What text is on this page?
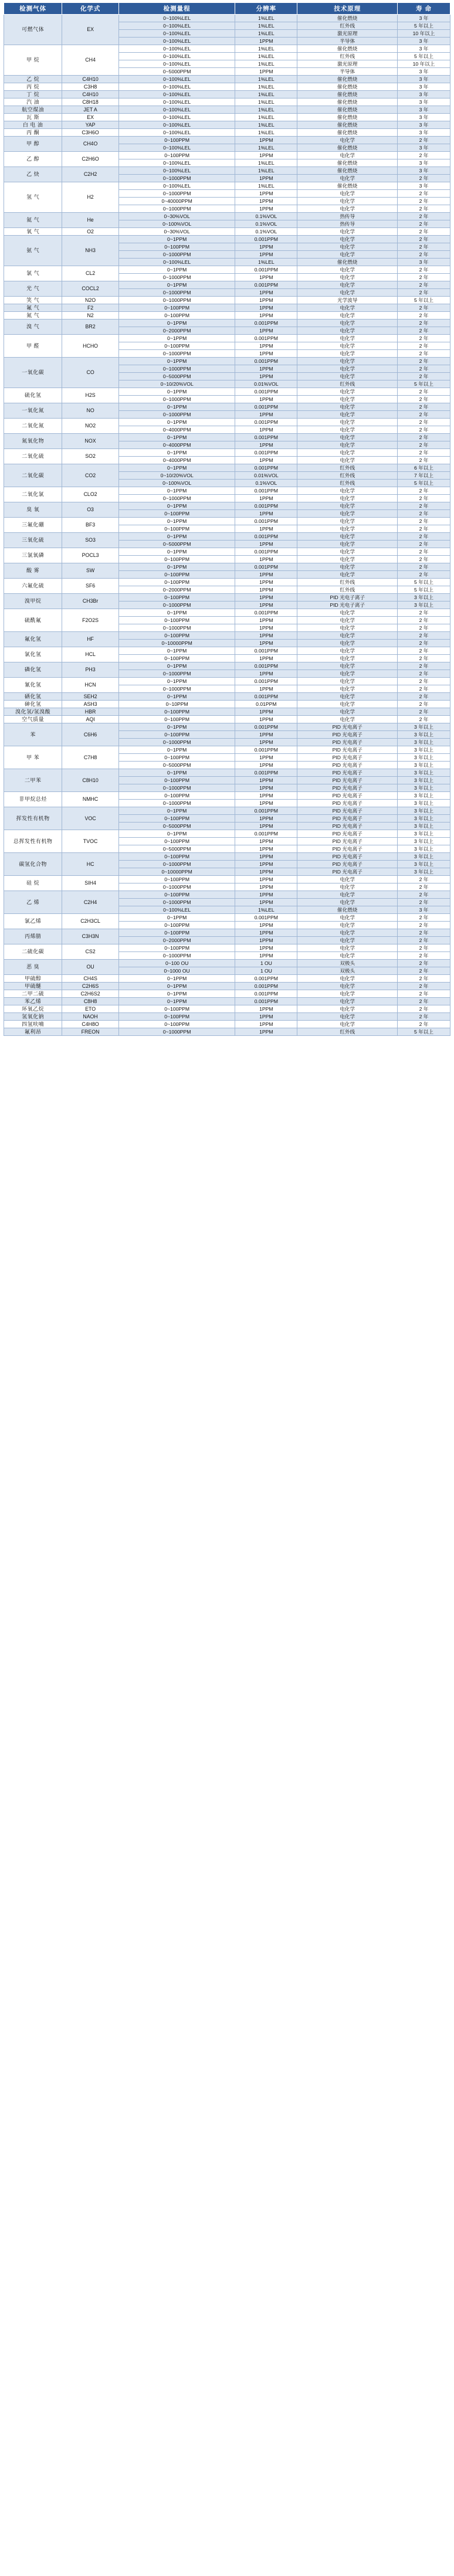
检测气体	化学式	检测量程	分辨率	技术原理	寿 命
可燃气体	EX	0~100%LEL	1%LEL	催化燃烧	3 年
		0~100%LEL	1%LEL	红外线	5 年以上
		0~100%LEL	1%LEL	激光原理	10 年以上
		0~100%LEL	1PPM	半导体	3 年
甲 烷	CH4	0~100%LEL	1%LEL	催化燃烧	3 年
		0~100%LEL	1%LEL	红外线	5 年以上
		0~100%LEL	1%LEL	激光原理	10 年以上
		0~5000PPM	1PPM	半导体	3 年
乙 烷	C4H10	0~100%LEL	1%LEL	催化燃烧	3 年
丙 烷	C3H8	0~100%LEL	1%LEL	催化燃烧	3 年
丁 烷	C4H10	0~100%LEL	1%LEL	催化燃烧	3 年
汽 油	C8H18	0~100%LEL	1%LEL	催化燃烧	3 年
航空煤油	JET A	0~100%LEL	1%LEL	催化燃烧	3 年
瓦 斯	EX	0~100%LEL	1%LEL	催化燃烧	3 年
白 电 油	YAP	0~100%LEL	1%LEL	催化燃烧	3 年
丙 酮	C3H6O	0~100%LEL	1%LEL	催化燃烧	3 年
甲 醇	CH4O	0~100PPM	1PPM	电化学	2 年
		0~100%LEL	1%LEL	催化燃烧	3 年
乙 醇	C2H6O	0~100PPM	1PPM	电化学	2 年
		0~100%LEL	1%LEL	催化燃烧	3 年
乙 炔	C2H2	0~100%LEL	1%LEL	催化燃烧	3 年
		0~1000PPM	1PPM	电化学	2 年
氢 气	H2	0~100%LEL	1%LEL	催化燃烧	3 年
		0~1000PPM	1PPM	电化学	2 年
		0~40000PPM	1PPM	电化学	2 年
		0~1000PPM	1PPM	电化学	2 年
氦 气	He	0~30%VOL	0.1%VOL	热传导	2 年
		0~100%VOL	0.1%VOL	热传导	2 年
氧 气	O2	0~30%VOL	0.1%VOL	电化学	2 年
氨 气	NH3	0~1PPM	0.001PPM	电化学	2 年
		0~100PPM	1PPM	电化学	2 年
		0~1000PPM	1PPM	电化学	2 年
		0~100%LEL	1%LEL	催化燃烧	3 年
氯 气	CL2	0~1PPM	0.001PPM	电化学	2 年
		0~1000PPM	1PPM	电化学	2 年
光 气	COCL2	0~1PPM	0.001PPM	电化学	2 年
		0~1000PPM	1PPM	电化学	2 年
笑 气	N2O	0~1000PPM	1PPM	光学波导	5 年以上
氟 气	F2	0~100PPM	1PPM	电化学	2 年
氮 气	N2	0~100PPM	1PPM	电化学	2 年
溴 气	BR2	0~1PPM	0.001PPM	电化学	2 年
		0~2000PPM	1PPM	电化学	2 年
甲 醛	HCHO	0~1PPM	0.001PPM	电化学	2 年
		0~100PPM	1PPM	电化学	2 年
		0~1000PPM	1PPM	电化学	2 年
一氧化碳	CO	0~1PPM	0.001PPM	电化学	2 年
		0~1000PPM	1PPM	电化学	2 年
		0~5000PPM	1PPM	电化学	2 年
		0~10/20%VOL	0.01%VOL	红外线	5 年以上
硫化氢	H2S	0~1PPM	0.001PPM	电化学	2 年
		0~1000PPM	1PPM	电化学	2 年
一氧化氮	NO	0~1PPM	0.001PPM	电化学	2 年
		0~1000PPM	1PPM	电化学	2 年
二氧化氮	NO2	0~1PPM	0.001PPM	电化学	2 年
		0~4000PPM	1PPM	电化学	2 年
氮氧化物	NOX	0~1PPM	0.001PPM	电化学	2 年
		0~4000PPM	1PPM	电化学	2 年
二氧化硫	SO2	0~1PPM	0.001PPM	电化学	2 年
		0~4000PPM	1PPM	电化学	2 年
二氧化碳	CO2	0~1PPM	0.001PPM	红外线	6 年以上
		0~10/20%VOL	0.01%VOL	红外线	7 年以上
		0~100%VOL	0.1%VOL	红外线	5 年以上
二氧化氯	CLO2	0~1PPM	0.001PPM	电化学	2 年
		0~1000PPM	1PPM	电化学	2 年
臭 氧	O3	0~1PPM	0.001PPM	电化学	2 年
		0~100PPM	1PPM	电化学	2 年
三氟化硼	BF3	0~1PPM	0.001PPM	电化学	2 年
		0~100PPM	1PPM	电化学	2 年
三氧化硫	SO3	0~1PPM	0.001PPM	电化学	2 年
		0~5000PPM	1PPM	电化学	2 年
三氯氧磷	POCL3	0~1PPM	0.001PPM	电化学	2 年
		0~100PPM	1PPM	电化学	2 年
酸 雾	SW	0~1PPM	0.001PPM	电化学	2 年
		0~100PPM	1PPM	电化学	2 年
六氟化硫	SF6	0~100PPM	1PPM	红外线	5 年以上
		0~2000PPM	1PPM	红外线	5 年以上
溴甲烷	CH3Br	0~100PPM	1PPM	PID 光电子离子	3 年以上
		0~1000PPM	1PPM	PID 光电子离子	3 年以上
硫酰氟	F2O2S	0~1PPM	0.001PPM	电化学	2 年
		0~100PPM	1PPM	电化学	2 年
		0~1000PPM	1PPM	电化学	2 年
氟化氢	HF	0~100PPM	1PPM	电化学	2 年
		0~10000PPM	1PPM	电化学	2 年
氯化氢	HCL	0~1PPM	0.001PPM	电化学	2 年
		0~100PPM	1PPM	电化学	2 年
磷化氢	PH3	0~1PPM	0.001PPM	电化学	2 年
		0~1000PPM	1PPM	电化学	2 年
氰化氢	HCN	0~1PPM	0.001PPM	电化学	2 年
		0~1000PPM	1PPM	电化学	2 年
硒化氢	SEH2	0~1PPM	0.001PPM	电化学	2 年
砷化氢	ASH3	0~10PPM	0.01PPM	电化学	2 年
溴化氢/氢溴酸	HBR	0~100PPM	1PPM	电化学	2 年
空气质量	AQI	0~100PPM	1PPM	电化学	2 年
苯	C6H6	0~1PPM	0.001PPM	PID 光电离子	3 年以上
		0~100PPM	1PPM	PID 光电离子	3 年以上
		0~1000PPM	1PPM	PID 光电离子	3 年以上
甲 苯	C7H8	0~1PPM	0.001PPM	PID 光电离子	3 年以上
		0~100PPM	1PPM	PID 光电离子	3 年以上
		0~5000PPM	1PPM	PID 光电离子	3 年以上
二甲苯	C8H10	0~1PPM	0.001PPM	PID 光电离子	3 年以上
		0~100PPM	1PPM	PID 光电离子	3 年以上
		0~1000PPM	1PPM	PID 光电离子	3 年以上
非甲烷总烃	NMHC	0~100PPM	1PPM	PID 光电离子	3 年以上
		0~1000PPM	1PPM	PID 光电离子	3 年以上
挥发性有机物	VOC	0~1PPM	0.001PPM	PID 光电离子	3 年以上
		0~100PPM	1PPM	PID 光电离子	3 年以上
		0~5000PPM	1PPM	PID 光电离子	3 年以上
总挥发性有机物	TVOC	0~1PPM	0.001PPM	PID 光电离子	3 年以上
		0~100PPM	1PPM	PID 光电离子	3 年以上
		0~5000PPM	1PPM	PID 光电离子	3 年以上
碳氢化合物	HC	0~100PPM	1PPM	PID 光电离子	3 年以上
		0~1000PPM	1PPM	PID 光电离子	3 年以上
		0~10000PPM	1PPM	PID 光电离子	3 年以上
硅 烷	SIH4	0~100PPM	1PPM	电化学	2 年
		0~1000PPM	1PPM	电化学	2 年
乙 烯	C2H4	0~100PPM	1PPM	电化学	2 年
		0~1000PPM	1PPM	电化学	2 年
		0~100%LEL	1%LEL	催化燃烧	3 年
氯乙烯	C2H3CL	0~1PPM	0.001PPM	电化学	2 年
		0~100PPM	1PPM	电化学	2 年
丙烯腈	C3H3N	0~100PPM	1PPM	电化学	2 年
		0~2000PPM	1PPM	电化学	2 年
二硫化碳	CS2	0~100PPM	1PPM	电化学	2 年
		0~1000PPM	1PPM	电化学	2 年
恶 臭	OU	0~100 OU	1 OU	双极头	2 年
		0~1000 OU	1 OU	双极头	2 年
甲硫醇	CH4S	0~1PPM	0.001PPM	电化学	2 年
甲硫醚	C2H6S	0~1PPM	0.001PPM	电化学	2 年
二甲二硫	C2H6S2	0~1PPM	0.001PPM	电化学	2 年
苯乙烯	C8H8	0~1PPM	0.001PPM	电化学	2 年
环氧乙烷	ETO	0~100PPM	1PPM	电化学	2 年
氢氧化钠	NAOH	0~100PPM	1PPM	电化学	2 年
四氢呋喃	C4H8O	0~100PPM	1PPM	电化学	2 年
氟利昂	FREON	0~1000PPM	1PPM	红外线	5 年以上
